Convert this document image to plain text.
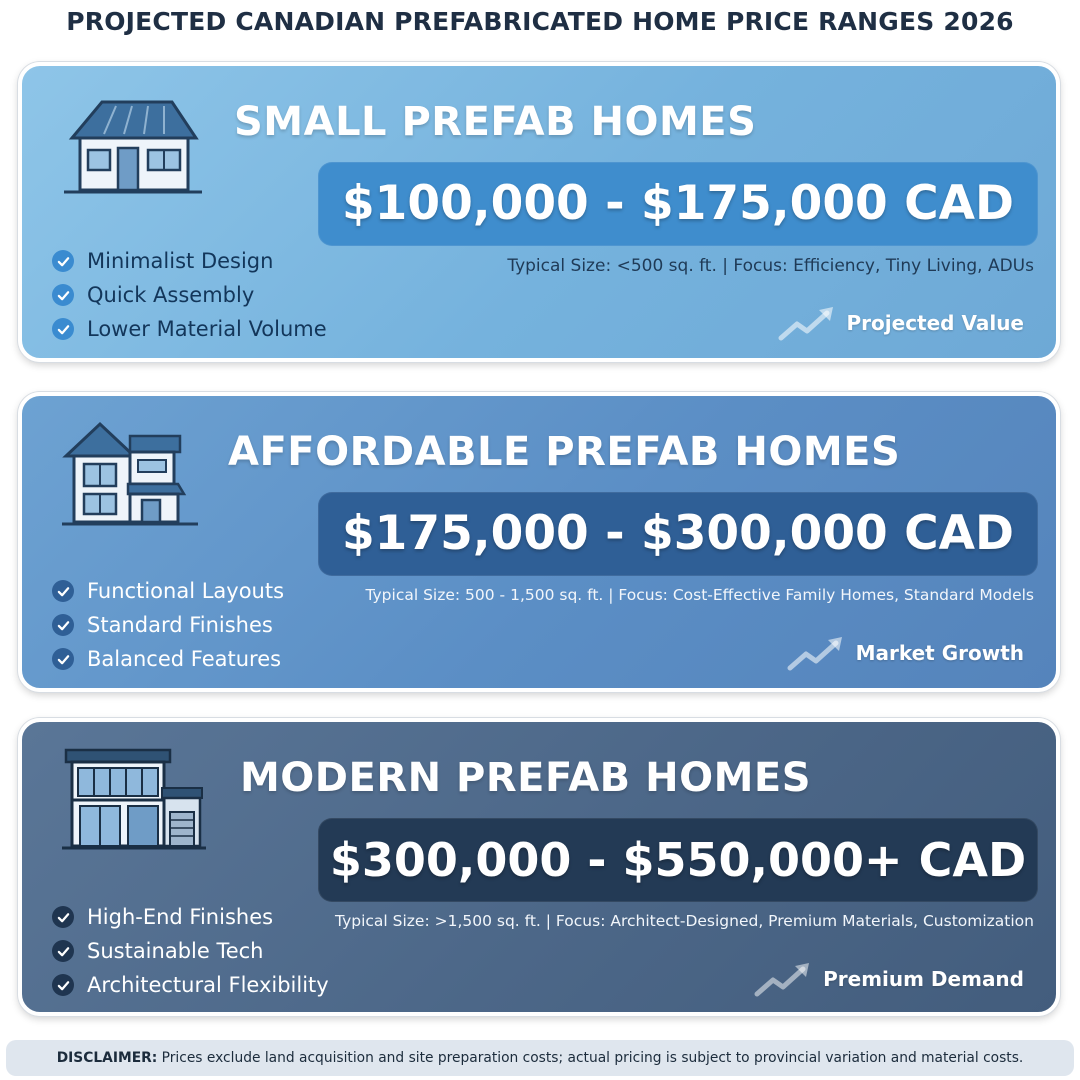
PROJECTED CANADIAN PREFABRICATED HOME PRICE RANGES 2026
SMALL PREFAB HOMES
$100,000 - $175,000 CAD
Typical Size: <500 sq. ft. | Focus: Efficiency, Tiny Living, ADUs
Minimalist Design
Quick Assembly
Lower Material Volume	Projected Value
AFFORDABLE PREFAB HOMES
$175,000 - $300,000 CAD
Typical Size: 500 - 1,500 sq. ft. | Focus: Cost-Effective Family Homes, Standard Models
Functional Layouts
Standard Finishes
Balanced Features	Market Growth
MODERN PREFAB HOMES
$300,000 - $550,000+ CAD
Typical Size: >1,500 sq. ft. | Focus: Architect-Designed, Premium Materials, Customization
High-End Finishes
Sustainable Tech
Architectural Flexibility	Premium Demand
DISCLAIMER: Prices exclude land acquisition and site preparation costs; actual pricing is subject to provincial variation and material costs.
